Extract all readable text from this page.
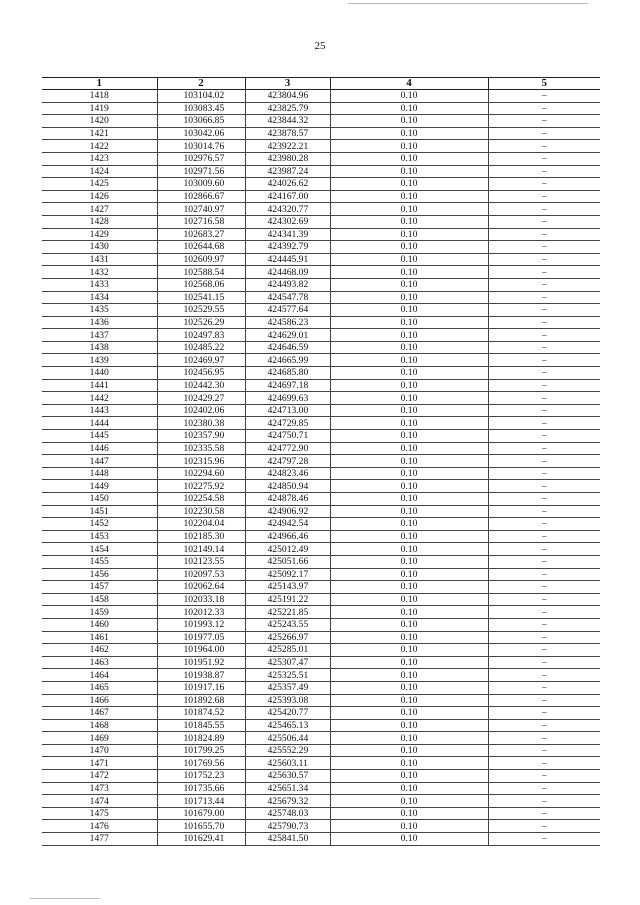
25
1	2	3	4	5
1418	103104.02	423804.96	0.10	–
1419	103083.45	423825.79	0.10	–
1420	103066.85	423844.32	0.10	–
1421	103042.06	423878.57	0.10	–
1422	103014.76	423922.21	0.10	–
1423	102976.57	423980.28	0.10	–
1424	102971.56	423987.24	0.10	–
1425	103009.60	424026.62	0.10	–
1426	102866.67	424167.00	0.10	–
1427	102740.97	424320.77	0.10	–
1428	102716.58	424302.69	0.10	–
1429	102683.27	424341.39	0.10	–
1430	102644.68	424392.79	0.10	–
1431	102609.97	424445.91	0.10	–
1432	102588.54	424468.09	0.10	–
1433	102568.06	424493.82	0.10	–
1434	102541.15	424547.78	0.10	–
1435	102529.55	424577.64	0.10	–
1436	102526.29	424586.23	0.10	–
1437	102497.83	424629.01	0.10	–
1438	102485.22	424646.59	0.10	–
1439	102469.97	424665.99	0.10	–
1440	102456.95	424685.80	0.10	–
1441	102442.30	424697.18	0.10	–
1442	102429.27	424699.63	0.10	–
1443	102402.06	424713.00	0.10	–
1444	102380.38	424729.85	0.10	–
1445	102357.90	424750.71	0.10	–
1446	102335.58	424772.90	0.10	–
1447	102315.96	424797.28	0.10	–
1448	102294.60	424823.46	0.10	–
1449	102275.92	424850.94	0.10	–
1450	102254.58	424878.46	0.10	–
1451	102230.58	424906.92	0.10	–
1452	102204.04	424942.54	0.10	–
1453	102185.30	424966.46	0.10	–
1454	102149.14	425012.49	0.10	–
1455	102123.55	425051.66	0.10	–
1456	102097.53	425092.17	0.10	–
1457	102062.64	425143.97	0.10	–
1458	102033.18	425191.22	0.10	–
1459	102012.33	425221.85	0.10	–
1460	101993.12	425243.55	0.10	–
1461	101977.05	425266.97	0.10	–
1462	101964.00	425285.01	0.10	–
1463	101951.92	425307.47	0.10	–
1464	101938.87	425325.51	0.10	–
1465	101917.16	425357.49	0.10	–
1466	101892.68	425393.08	0.10	–
1467	101874.52	425420.77	0.10	–
1468	101845.55	425465.13	0.10	–
1469	101824.89	425506.44	0.10	–
1470	101799.25	425552.29	0.10	–
1471	101769.56	425603.11	0.10	–
1472	101752.23	425630.57	0.10	–
1473	101735.66	425651.34	0.10	–
1474	101713.44	425679.32	0.10	–
1475	101679.00	425748.03	0.10	–
1476	101655.70	425790.73	0.10	–
1477	101629.41	425841.50	0.10	–
